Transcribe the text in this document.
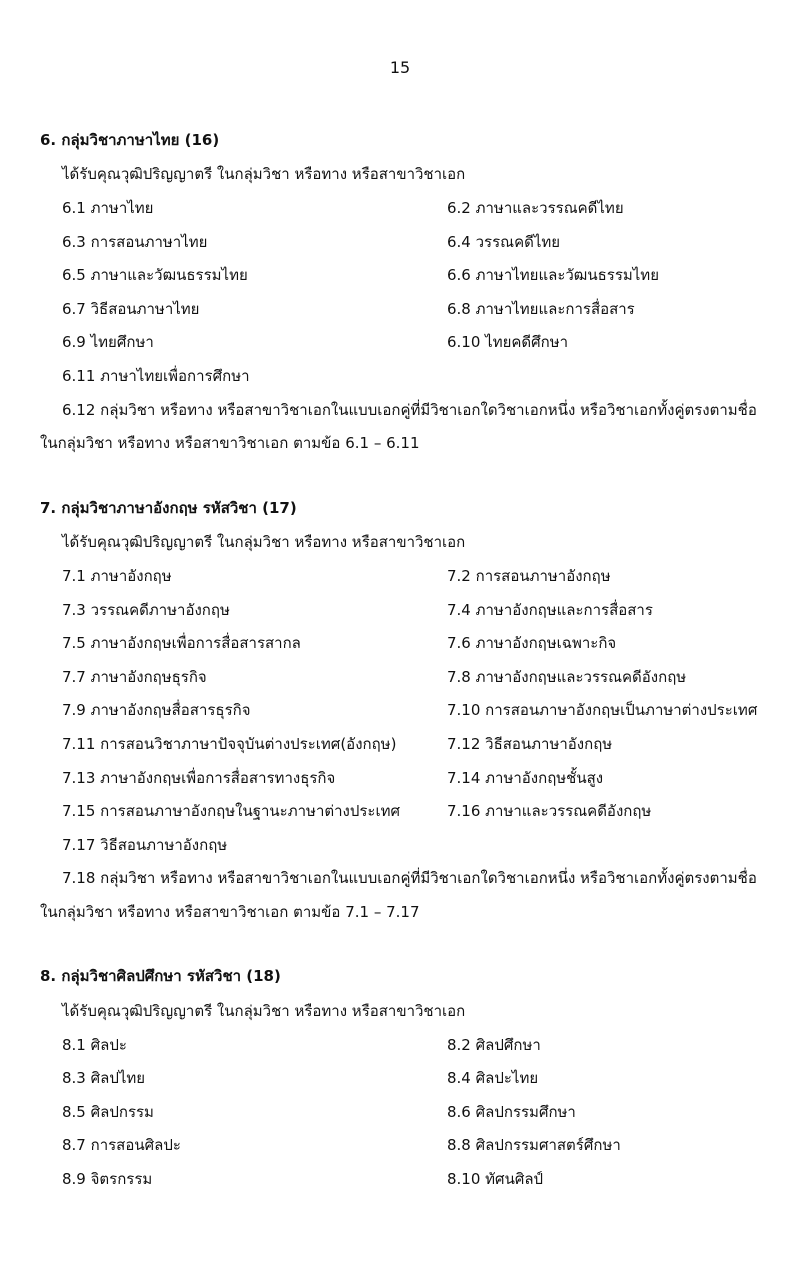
15
6. กลุ่มวิชาภาษาไทย (16)
ได้รับคุณวุฒิปริญญาตรี ในกลุ่มวิชา หรือทาง หรือสาขาวิชาเอก
6.1 ภาษาไทย	6.2 ภาษาและวรรณคดีไทย
6.3 การสอนภาษาไทย	6.4 วรรณคดีไทย
6.5 ภาษาและวัฒนธรรมไทย	6.6 ภาษาไทยและวัฒนธรรมไทย
6.7 วิธีสอนภาษาไทย	6.8 ภาษาไทยและการสื่อสาร
6.9 ไทยศึกษา	6.10 ไทยคดีศึกษา
6.11 ภาษาไทยเพื่อการศึกษา
6.12 กลุ่มวิชา หรือทาง หรือสาขาวิชาเอกในแบบเอกคู่ที่มีวิชาเอกใดวิชาเอกหนึ่ง หรือวิชาเอกทั้งคู่ตรงตามชื่อ
ในกลุ่มวิชา หรือทาง หรือสาขาวิชาเอก ตามข้อ 6.1 – 6.11
7. กลุ่มวิชาภาษาอังกฤษ รหัสวิชา (17)
ได้รับคุณวุฒิปริญญาตรี ในกลุ่มวิชา หรือทาง หรือสาขาวิชาเอก
7.1 ภาษาอังกฤษ	7.2 การสอนภาษาอังกฤษ
7.3 วรรณคดีภาษาอังกฤษ	7.4 ภาษาอังกฤษและการสื่อสาร
7.5 ภาษาอังกฤษเพื่อการสื่อสารสากล	7.6 ภาษาอังกฤษเฉพาะกิจ
7.7 ภาษาอังกฤษธุรกิจ	7.8 ภาษาอังกฤษและวรรณคดีอังกฤษ
7.9 ภาษาอังกฤษสื่อสารธุรกิจ	7.10 การสอนภาษาอังกฤษเป็นภาษาต่างประเทศ
7.11 การสอนวิชาภาษาปัจจุบันต่างประเทศ(อังกฤษ)	7.12 วิธีสอนภาษาอังกฤษ
7.13 ภาษาอังกฤษเพื่อการสื่อสารทางธุรกิจ	7.14 ภาษาอังกฤษชั้นสูง
7.15 การสอนภาษาอังกฤษในฐานะภาษาต่างประเทศ	7.16 ภาษาและวรรณคดีอังกฤษ
7.17 วิธีสอนภาษาอังกฤษ
7.18 กลุ่มวิชา หรือทาง หรือสาขาวิชาเอกในแบบเอกคู่ที่มีวิชาเอกใดวิชาเอกหนึ่ง หรือวิชาเอกทั้งคู่ตรงตามชื่อ
ในกลุ่มวิชา หรือทาง หรือสาขาวิชาเอก ตามข้อ 7.1 – 7.17
8. กลุ่มวิชาศิลปศึกษา รหัสวิชา (18)
ได้รับคุณวุฒิปริญญาตรี ในกลุ่มวิชา หรือทาง หรือสาขาวิชาเอก
8.1 ศิลปะ	8.2 ศิลปศึกษา
8.3 ศิลปไทย	8.4 ศิลปะไทย
8.5 ศิลปกรรม	8.6 ศิลปกรรมศึกษา
8.7 การสอนศิลปะ	8.8 ศิลปกรรมศาสตร์ศึกษา
8.9 จิตรกรรม	8.10 ทัศนศิลป์
